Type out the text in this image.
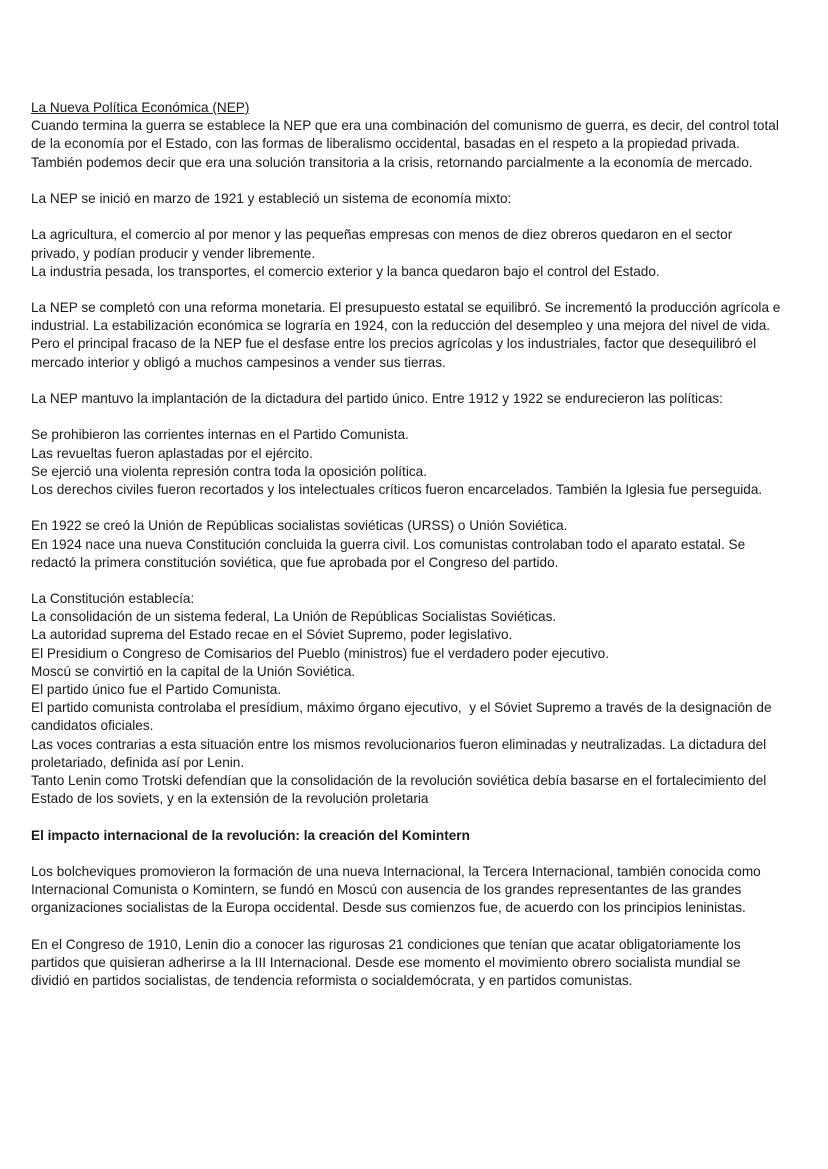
La Nueva Política Económica (NEP)
Cuando termina la guerra se establece la NEP que era una combinación del comunismo de guerra, es decir, del control total
de la economía por el Estado, con las formas de liberalismo occidental, basadas en el respeto a la propiedad privada.
También podemos decir que era una solución transitoria a la crisis, retornando parcialmente a la economía de mercado.
La NEP se inició en marzo de 1921 y estableció un sistema de economía mixto:
La agricultura, el comercio al por menor y las pequeñas empresas con menos de diez obreros quedaron en el sector
privado, y podían producir y vender libremente.
La industria pesada, los transportes, el comercio exterior y la banca quedaron bajo el control del Estado.
La NEP se completó con una reforma monetaria. El presupuesto estatal se equilibró. Se incrementó la producción agrícola e
industrial. La estabilización económica se lograría en 1924, con la reducción del desempleo y una mejora del nivel de vida.
Pero el principal fracaso de la NEP fue el desfase entre los precios agrícolas y los industriales, factor que desequilibró el
mercado interior y obligó a muchos campesinos a vender sus tierras.
La NEP mantuvo la implantación de la dictadura del partido único. Entre 1912 y 1922 se endurecieron las políticas:
Se prohibieron las corrientes internas en el Partido Comunista.
Las revueltas fueron aplastadas por el ejército.
Se ejerció una violenta represión contra toda la oposición política.
Los derechos civiles fueron recortados y los intelectuales críticos fueron encarcelados. También la Iglesia fue perseguida.
En 1922 se creó la Unión de Repúblicas socialistas soviéticas (URSS) o Unión Soviética.
En 1924 nace una nueva Constitución concluida la guerra civil. Los comunistas controlaban todo el aparato estatal. Se
redactó la primera constitución soviética, que fue aprobada por el Congreso del partido.
La Constitución establecía:
La consolidación de un sistema federal, La Unión de Repúblicas Socialistas Soviéticas.
La autoridad suprema del Estado recae en el Sóviet Supremo, poder legislativo.
El Presidium o Congreso de Comisarios del Pueblo (ministros) fue el verdadero poder ejecutivo.
Moscú se convirtió en la capital de la Unión Soviética.
El partido único fue el Partido Comunista.
El partido comunista controlaba el presídium, máximo órgano ejecutivo,  y el Sóviet Supremo a través de la designación de
candidatos oficiales.
Las voces contrarias a esta situación entre los mismos revolucionarios fueron eliminadas y neutralizadas. La dictadura del
proletariado, definida así por Lenin.
Tanto Lenin como Trotski defendían que la consolidación de la revolución soviética debía basarse en el fortalecimiento del
Estado de los soviets, y en la extensión de la revolución proletaria
El impacto internacional de la revolución: la creación del Komintern
Los bolcheviques promovieron la formación de una nueva Internacional, la Tercera Internacional, también conocida como
Internacional Comunista o Komintern, se fundó en Moscú con ausencia de los grandes representantes de las grandes
organizaciones socialistas de la Europa occidental. Desde sus comienzos fue, de acuerdo con los principios leninistas.
En el Congreso de 1910, Lenin dio a conocer las rigurosas 21 condiciones que tenían que acatar obligatoriamente los
partidos que quisieran adherirse a la III Internacional. Desde ese momento el movimiento obrero socialista mundial se
dividió en partidos socialistas, de tendencia reformista o socialdemócrata, y en partidos comunistas.
